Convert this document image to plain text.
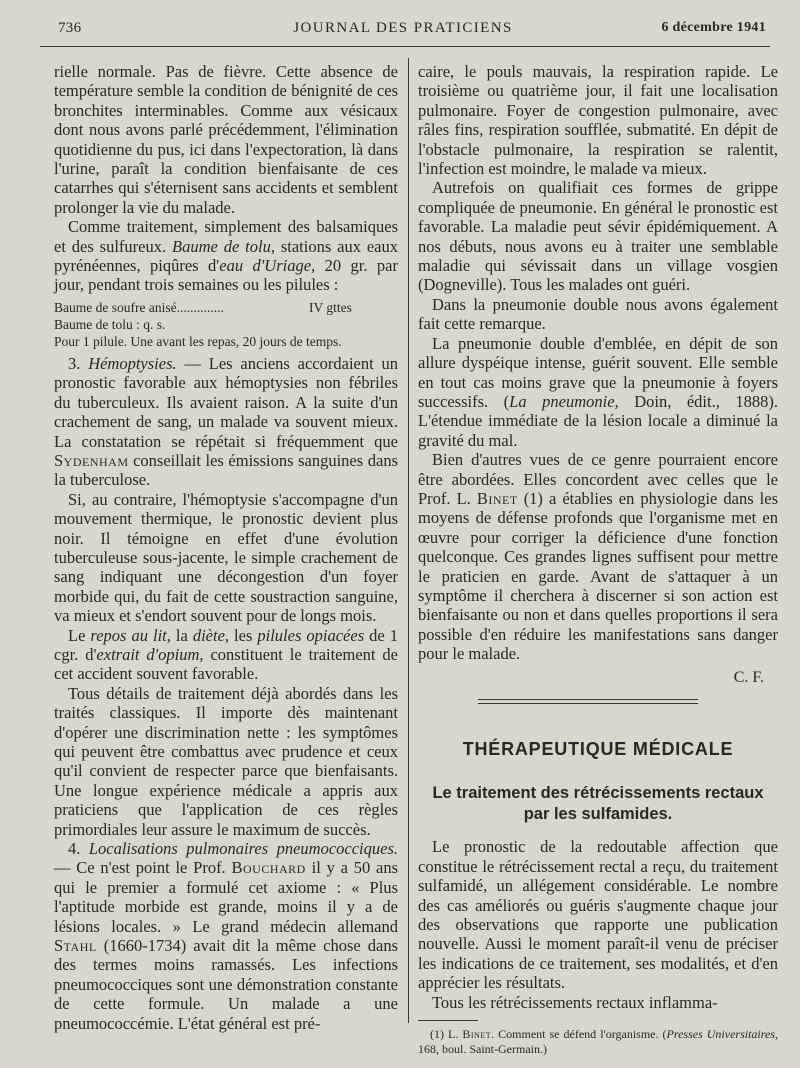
736	JOURNAL DES PRATICIENS	6 décembre 1941

rielle normale. Pas de fièvre. Cette absence de température semble la condition de bénignité de ces bronchites interminables. Comme aux vésicaux dont nous avons parlé précédemment, l'élimination quotidienne du pus, ici dans l'expectoration, là dans l'urine, paraît la condition bienfaisante de ces catarrhes qui s'éternisent sans accidents et semblent prolonger la vie du malade.

Comme traitement, simplement des balsamiques et des sulfureux. Baume de tolu, stations aux eaux pyrénéennes, piqûres d'eau d'Uriage, 20 gr. par jour, pendant trois semaines ou les pilules :

Baume de soufre anisé..............	IV gttes
Baume de tolu : q. s.
Pour 1 pilule. Une avant les repas, 20 jours de temps.

3. Hémoptysies. — Les anciens accordaient un pronostic favorable aux hémoptysies non fébriles du tuberculeux. Ils avaient raison. A la suite d'un crachement de sang, un malade va souvent mieux. La constatation se répétait si fréquemment que Sydenham conseillait les émissions sanguines dans la tuberculose.

Si, au contraire, l'hémoptysie s'accompagne d'un mouvement thermique, le pronostic devient plus noir. Il témoigne en effet d'une évolution tuberculeuse sous-jacente, le simple crachement de sang indiquant une décongestion d'un foyer morbide qui, du fait de cette soustraction sanguine, va mieux et s'endort souvent pour de longs mois.

Le repos au lit, la diète, les pilules opiacées de 1 cgr. d'extrait d'opium, constituent le traitement de cet accident souvent favorable.

Tous détails de traitement déjà abordés dans les traités classiques. Il importe dès maintenant d'opérer une discrimination nette : les symptômes qui peuvent être combattus avec prudence et ceux qu'il convient de respecter parce que bienfaisants. Une longue expérience médicale a appris aux praticiens que l'application de ces règles primordiales leur assure le maximum de succès.

4. Localisations pulmonaires pneumococciques. — Ce n'est point le Prof. Bouchard il y a 50 ans qui le premier a formulé cet axiome : « Plus l'aptitude morbide est grande, moins il y a de lésions locales. » Le grand médecin allemand Stahl (1660-1734) avait dit la même chose dans des termes moins ramassés. Les infections pneumococciques sont une démonstration constante de cette formule. Un malade a une pneumococcémie. L'état général est pré-

caire, le pouls mauvais, la respiration rapide. Le troisième ou quatrième jour, il fait une localisation pulmonaire. Foyer de congestion pulmonaire, avec râles fins, respiration soufflée, submatité. En dépit de l'obstacle pulmonaire, la respiration se ralentit, l'infection est moindre, le malade va mieux.

Autrefois on qualifiait ces formes de grippe compliquée de pneumonie. En général le pronostic est favorable. La maladie peut sévir épidémiquement. A nos débuts, nous avons eu à traiter une semblable maladie qui sévissait dans un village vosgien (Dogneville). Tous les malades ont guéri.

Dans la pneumonie double nous avons également fait cette remarque.

La pneumonie double d'emblée, en dépit de son allure dyspéique intense, guérit souvent. Elle semble en tout cas moins grave que la pneumonie à foyers successifs. (La pneumonie, Doin, édit., 1888). L'étendue immédiate de la lésion locale a diminué la gravité du mal.

Bien d'autres vues de ce genre pourraient encore être abordées. Elles concordent avec celles que le Prof. L. Binet (1) a établies en physiologie dans les moyens de défense profonds que l'organisme met en œuvre pour corriger la déficience d'une fonction quelconque. Ces grandes lignes suffisent pour mettre le praticien en garde. Avant de s'attaquer à un symptôme il cherchera à discerner si son action est bienfaisante ou non et dans quelles proportions il sera possible d'en réduire les manifestations sans danger pour le malade.

C. F.
THÉRAPEUTIQUE MÉDICALE
Le traitement des rétrécissements rectaux
par les sulfamides.

Le pronostic de la redoutable affection que constitue le rétrécissement rectal a reçu, du traitement sulfamidé, un allégement considérable. Le nombre des cas améliorés ou guéris s'augmente chaque jour des observations que rapporte une publication nouvelle. Aussi le moment paraît-il venu de préciser les indications de ce traitement, ses modalités, et d'en apprécier les résultats.

Tous les rétrécissements rectaux inflamma-

(1) L. Binet. Comment se défend l'organisme. (Presses Universitaires, 168, boul. Saint-Germain.)
